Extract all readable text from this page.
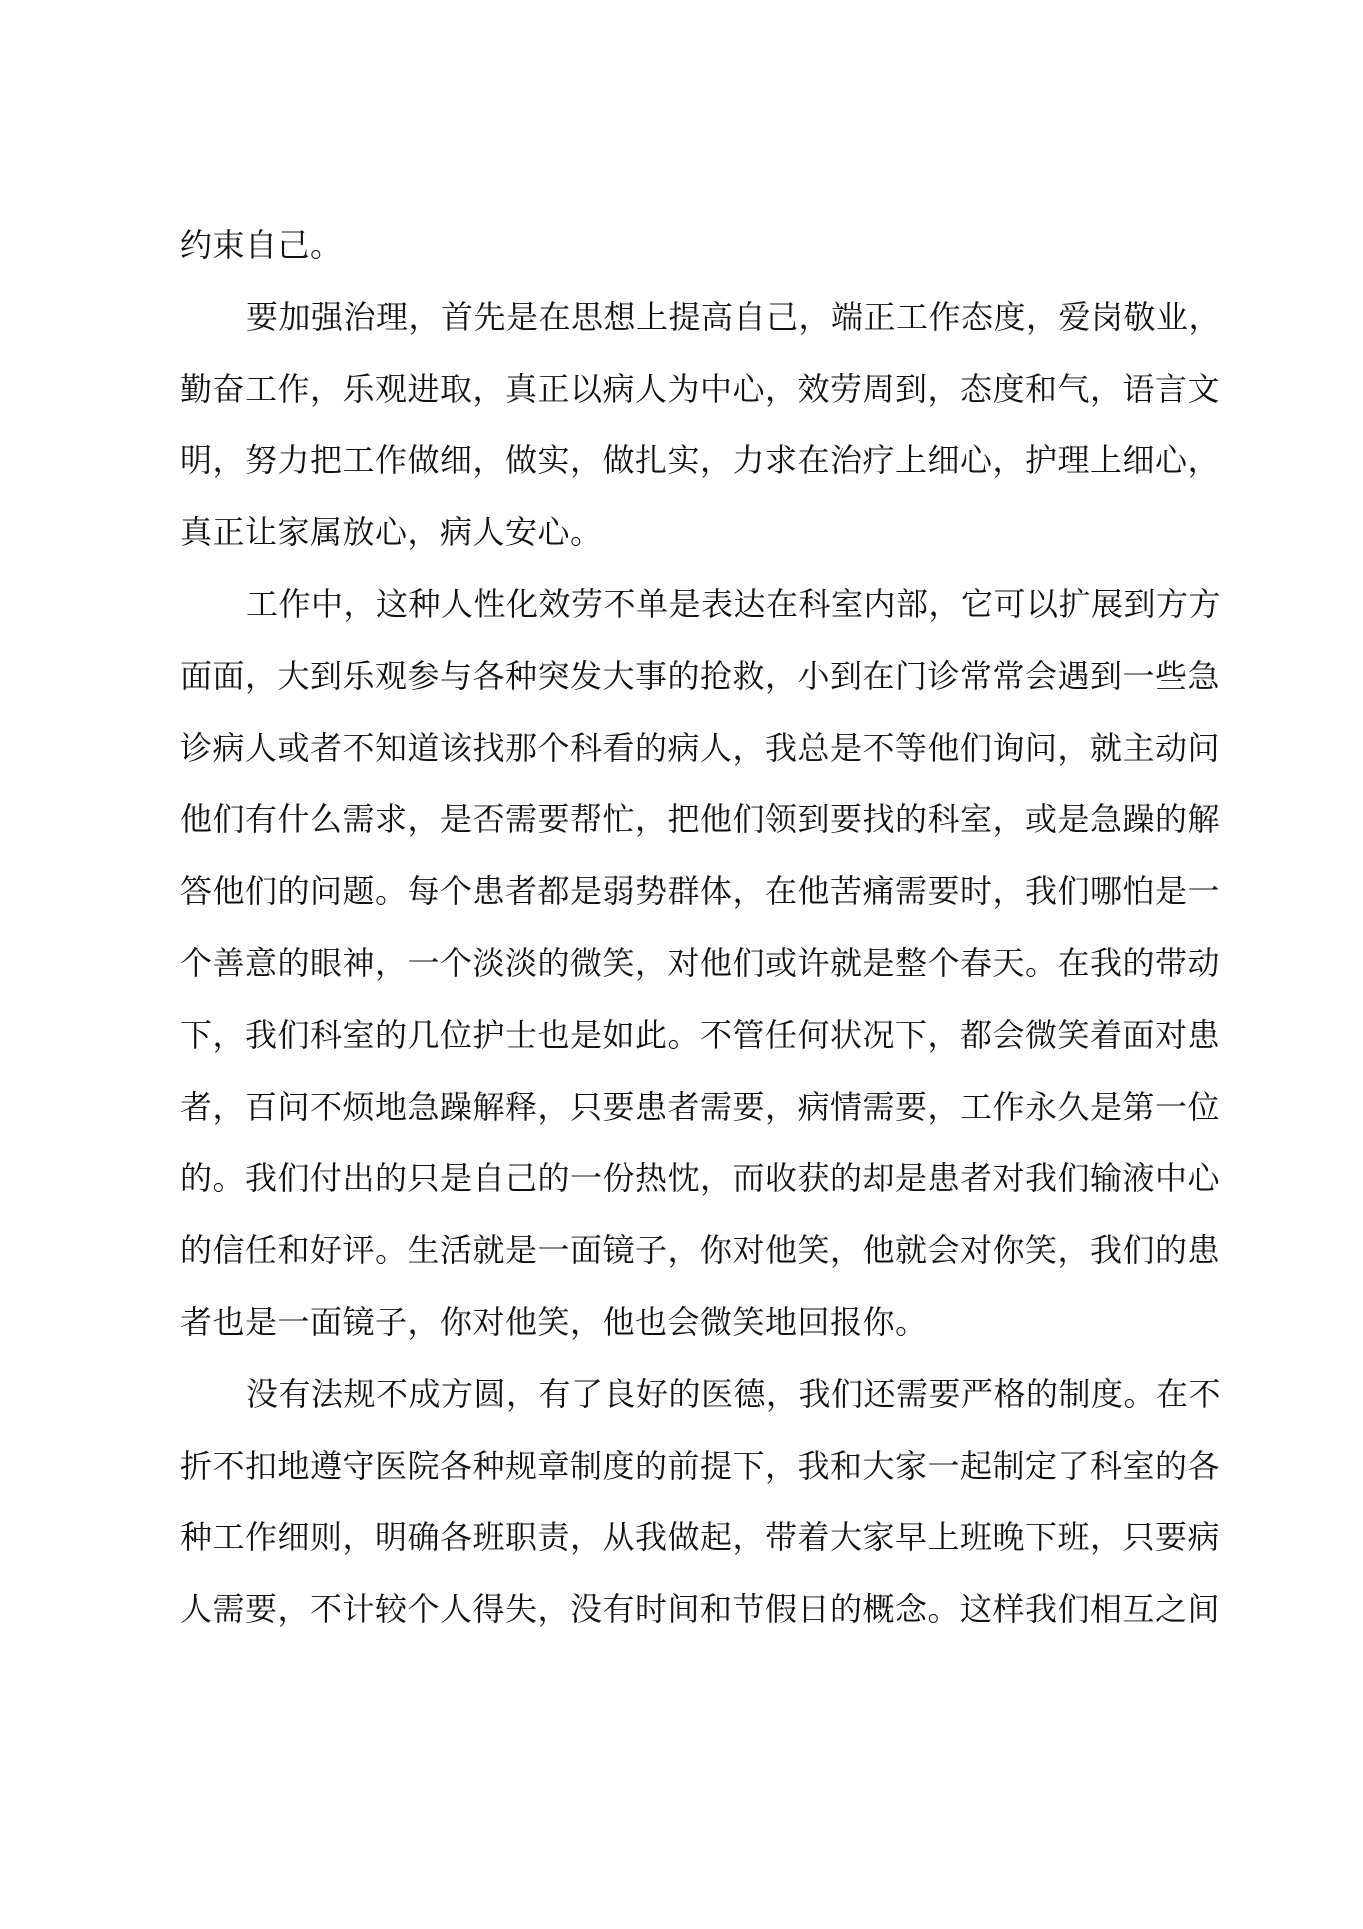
约束自己。

要加强治理，首先是在思想上提高自己，端正工作态度，爱岗敬业，
勤奋工作，乐观进取，真正以病人为中心，效劳周到，态度和气，语言文
明，努力把工作做细，做实，做扎实，力求在治疗上细心，护理上细心，
真正让家属放心，病人安心。

工作中，这种人性化效劳不单是表达在科室内部，它可以扩展到方方
面面，大到乐观参与各种突发大事的抢救，小到在门诊常常会遇到一些急
诊病人或者不知道该找那个科看的病人，我总是不等他们询问，就主动问
他们有什么需求，是否需要帮忙，把他们领到要找的科室，或是急躁的解
答他们的问题。每个患者都是弱势群体，在他苦痛需要时，我们哪怕是一
个善意的眼神，一个淡淡的微笑，对他们或许就是整个春天。在我的带动
下，我们科室的几位护士也是如此。不管任何状况下，都会微笑着面对患
者，百问不烦地急躁解释，只要患者需要，病情需要，工作永久是第一位
的。我们付出的只是自己的一份热忱，而收获的却是患者对我们输液中心
的信任和好评。生活就是一面镜子，你对他笑，他就会对你笑，我们的患
者也是一面镜子，你对他笑，他也会微笑地回报你。

没有法规不成方圆，有了良好的医德，我们还需要严格的制度。在不
折不扣地遵守医院各种规章制度的前提下，我和大家一起制定了科室的各
种工作细则，明确各班职责，从我做起，带着大家早上班晚下班，只要病
人需要，不计较个人得失，没有时间和节假日的概念。这样我们相互之间
